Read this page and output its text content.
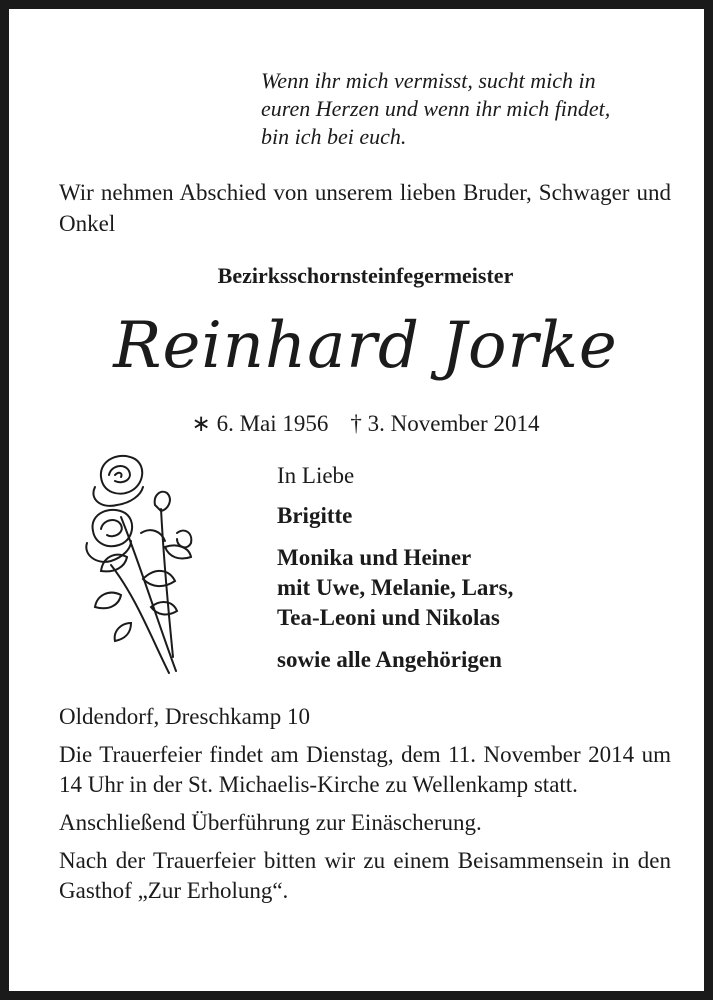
Wenn ihr mich vermisst, sucht mich in
euren Herzen und wenn ihr mich findet,
bin ich bei euch.
Wir nehmen Abschied von unserem lieben Bruder, Schwager und Onkel
Bezirksschornsteinfegermeister
Reinhard Jorke
∗ 6. Mai 1956 † 3. November 2014
In Liebe
Brigitte
Monika und Heiner
mit Uwe, Melanie, Lars,
Tea-Leoni und Nikolas
sowie alle Angehörigen

Oldendorf, Dreschkamp 10

Die Trauerfeier findet am Dienstag, dem 11. November 2014 um 14 Uhr in der St. Michaelis-Kirche zu Wellenkamp statt.

Anschließend Überführung zur Einäscherung.

Nach der Trauerfeier bitten wir zu einem Beisammensein in den Gasthof „Zur Erholung“.
